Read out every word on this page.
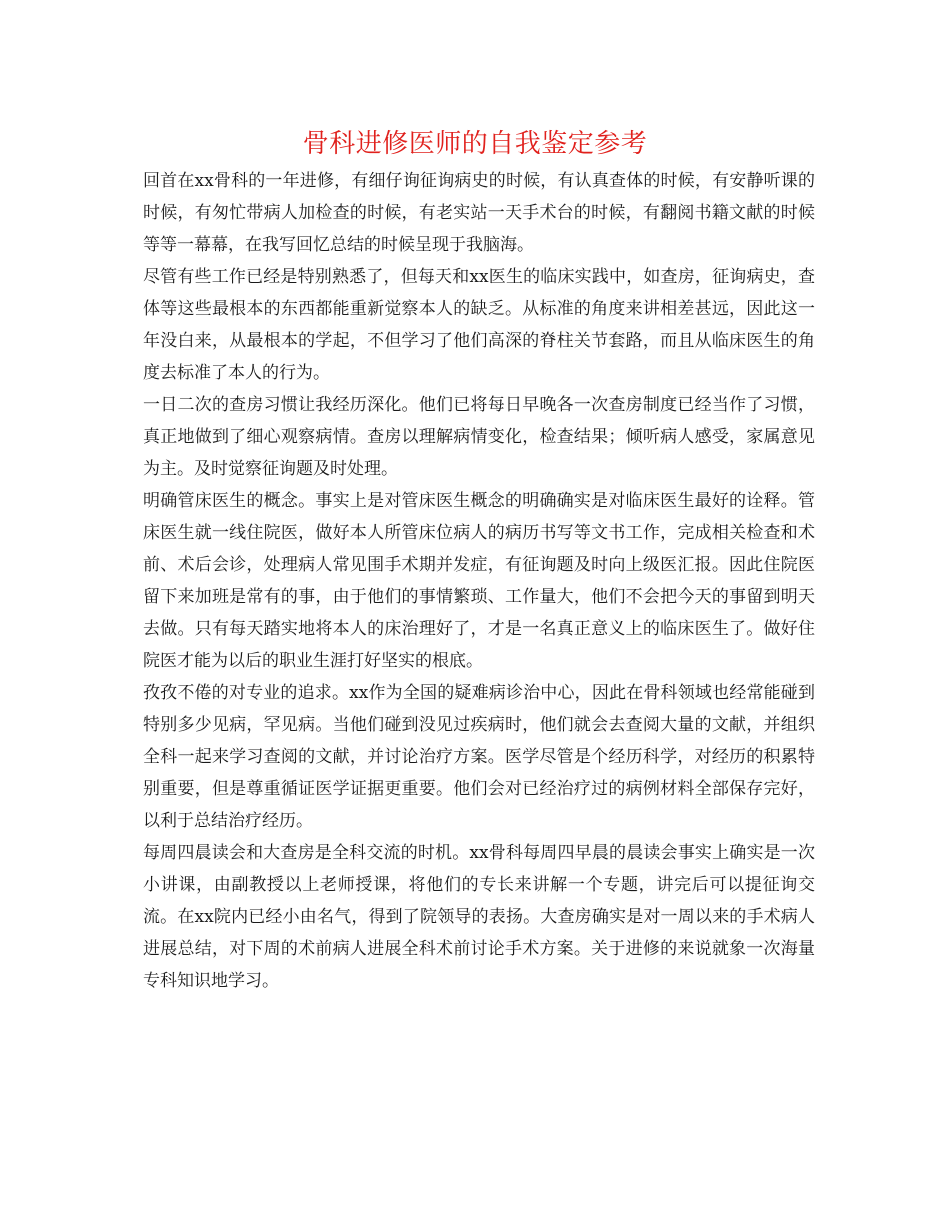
骨科进修医师的自我鉴定参考

回首在xx骨科的一年进修，有细仔询征询病史的时候，有认真查体的时候，有安静听课的时候，有匆忙带病人加检查的时候，有老实站一天手术台的时候，有翻阅书籍文献的时候等等一幕幕，在我写回忆总结的时候呈现于我脑海。

尽管有些工作已经是特别熟悉了，但每天和xx医生的临床实践中，如查房，征询病史，查体等这些最根本的东西都能重新觉察本人的缺乏。从标准的角度来讲相差甚远，因此这一年没白来，从最根本的学起，不但学习了他们高深的脊柱关节套路，而且从临床医生的角度去标准了本人的行为。

一日二次的查房习惯让我经历深化。他们已将每日早晚各一次查房制度已经当作了习惯，真正地做到了细心观察病情。查房以理解病情变化，检查结果；倾听病人感受，家属意见为主。及时觉察征询题及时处理。

明确管床医生的概念。事实上是对管床医生概念的明确确实是对临床医生最好的诠释。管床医生就一线住院医，做好本人所管床位病人的病历书写等文书工作，完成相关检查和术前、术后会诊，处理病人常见围手术期并发症，有征询题及时向上级医汇报。因此住院医留下来加班是常有的事，由于他们的事情繁琐、工作量大，他们不会把今天的事留到明天去做。只有每天踏实地将本人的床治理好了，才是一名真正意义上的临床医生了。做好住院医才能为以后的职业生涯打好坚实的根底。

孜孜不倦的对专业的追求。xx作为全国的疑难病诊治中心，因此在骨科领域也经常能碰到特别多少见病，罕见病。当他们碰到没见过疾病时，他们就会去查阅大量的文献，并组织全科一起来学习查阅的文献，并讨论治疗方案。医学尽管是个经历科学，对经历的积累特别重要，但是尊重循证医学证据更重要。他们会对已经治疗过的病例材料全部保存完好，以利于总结治疗经历。

每周四晨读会和大查房是全科交流的时机。xx骨科每周四早晨的晨读会事实上确实是一次小讲课，由副教授以上老师授课，将他们的专长来讲解一个专题，讲完后可以提征询交流。在xx院内已经小由名气，得到了院领导的表扬。大查房确实是对一周以来的手术病人进展总结，对下周的术前病人进展全科术前讨论手术方案。关于进修的来说就象一次海量专科知识地学习。
